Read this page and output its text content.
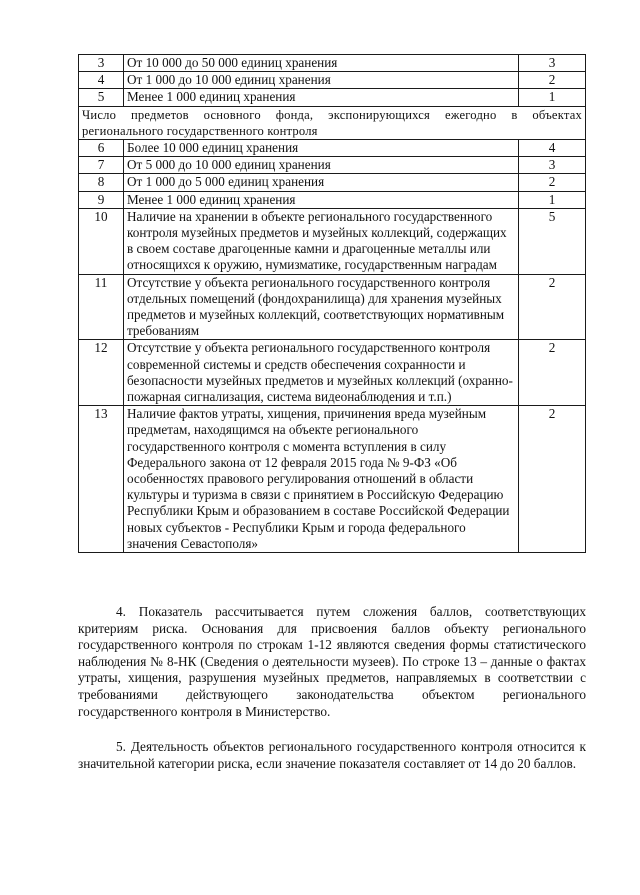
3	От 10 000 до 50 000 единиц хранения	3
4	От 1 000 до 10 000 единиц хранения	2
5	Менее 1 000 единиц хранения	1
Число предметов основного фонда, экспонирующихся ежегодно в объектах регионального государственного контроля		
6	Более 10 000 единиц хранения	4
7	От 5 000 до 10 000 единиц хранения	3
8	От 1 000 до 5 000 единиц хранения	2
9	Менее 1 000 единиц хранения	1
10	Наличие на хранении в объекте регионального государственного контроля музейных предметов и музейных коллекций, содержащих в своем составе драгоценные камни и драгоценные металлы или относящихся к оружию, нумизматике, государственным наградам	5
11	Отсутствие у объекта регионального государственного контроля отдельных помещений (фондохранилища) для хранения музейных предметов и музейных коллекций, соответствующих нормативным требованиям	2
12	Отсутствие у объекта регионального государственного контроля современной системы и средств обеспечения сохранности и безопасности музейных предметов и музейных коллекций (охранно-пожарная сигнализация, система видеонаблюдения и т.п.)	2
13	Наличие фактов утраты, хищения, причинения вреда музейным предметам, находящимся на объекте регионального государственного контроля с момента вступления в силу Федерального закона от 12 февраля 2015 года № 9-ФЗ «Об особенностях правового регулирования отношений в области культуры и туризма в связи с принятием в Российскую Федерацию Республики Крым и образованием в составе Российской Федерации новых субъектов - Республики Крым и города федерального значения Севастополя»	2

4. Показатель рассчитывается путем сложения баллов, соответствующих критериям риска. Основания для присвоения баллов объекту регионального государственного контроля по строкам 1-12 являются сведения формы статистического наблюдения № 8-НК (Сведения о деятельности музеев). По строке 13 – данные о фактах утраты, хищения, разрушения музейных предметов, направляемых в соответствии с требованиями действующего законодательства объектом регионального государственного контроля в Министерство.

5. Деятельность объектов регионального государственного контроля относится к значительной категории риска, если значение показателя составляет от 14 до 20 баллов.
